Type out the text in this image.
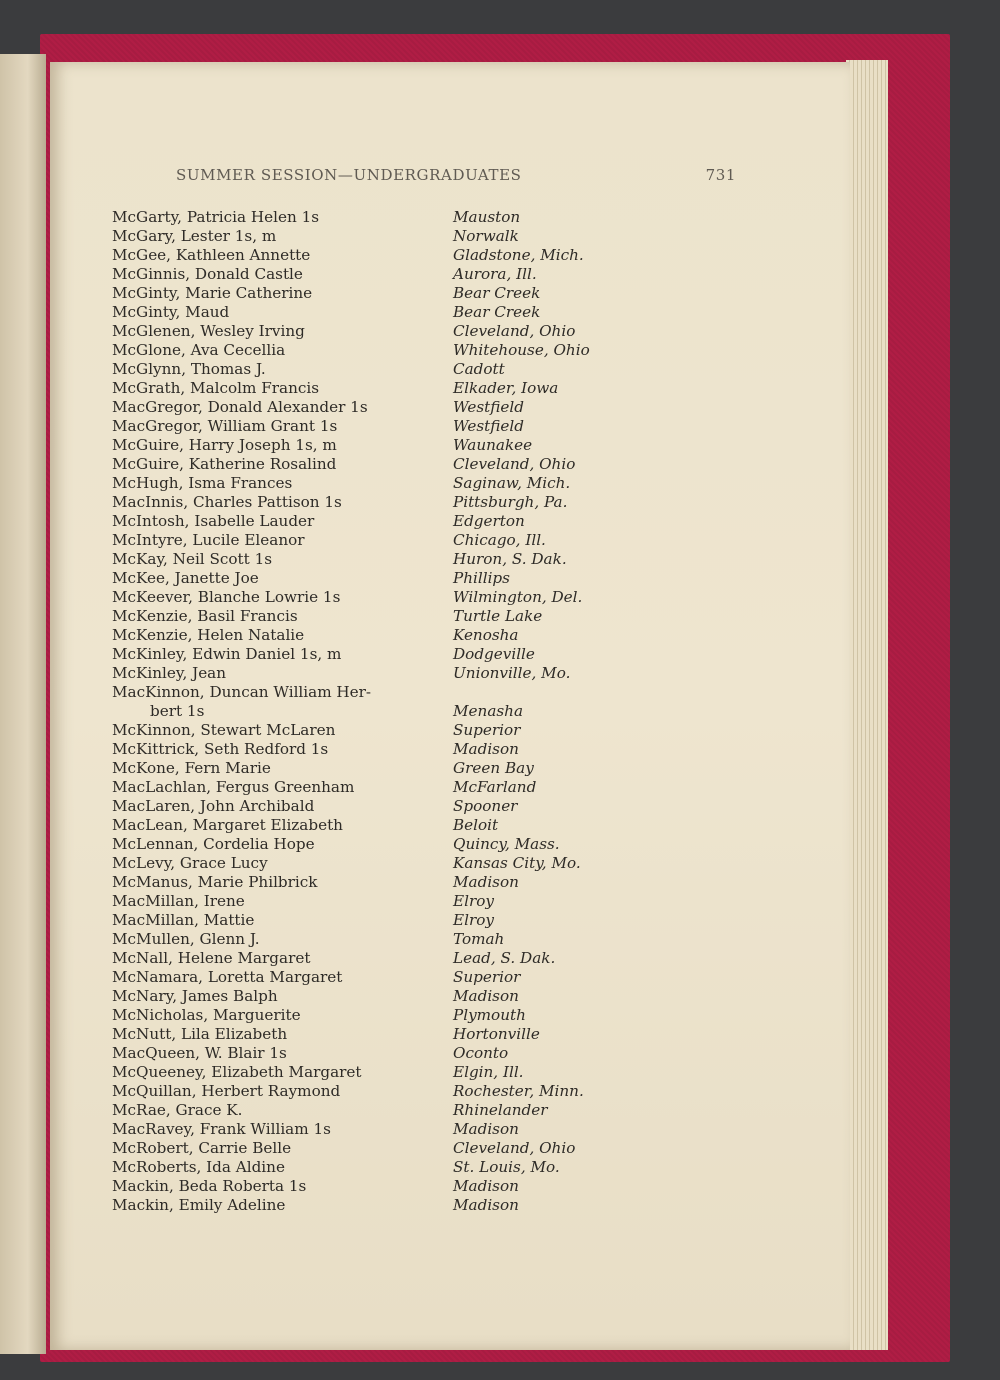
SUMMER SESSION—UNDERGRADUATES	731
McGarty, Patricia Helen 1s	Mauston
McGary, Lester 1s, m	Norwalk
McGee, Kathleen Annette	Gladstone, Mich.
McGinnis, Donald Castle	Aurora, Ill.
McGinty, Marie Catherine	Bear Creek
McGinty, Maud	Bear Creek
McGlenen, Wesley Irving	Cleveland, Ohio
McGlone, Ava Cecellia	Whitehouse, Ohio
McGlynn, Thomas J.	Cadott
McGrath, Malcolm Francis	Elkader, Iowa
MacGregor, Donald Alexander 1s	Westfield
MacGregor, William Grant 1s	Westfield
McGuire, Harry Joseph 1s, m	Waunakee
McGuire, Katherine Rosalind	Cleveland, Ohio
McHugh, Isma Frances	Saginaw, Mich.
MacInnis, Charles Pattison 1s	Pittsburgh, Pa.
McIntosh, Isabelle Lauder	Edgerton
McIntyre, Lucile Eleanor	Chicago, Ill.
McKay, Neil Scott 1s	Huron, S. Dak.
McKee, Janette Joe	Phillips
McKeever, Blanche Lowrie 1s	Wilmington, Del.
McKenzie, Basil Francis	Turtle Lake
McKenzie, Helen Natalie	Kenosha
McKinley, Edwin Daniel 1s, m	Dodgeville
McKinley, Jean	Unionville, Mo.
MacKinnon, Duncan William Her-
bert 1s	Menasha
McKinnon, Stewart McLaren	Superior
McKittrick, Seth Redford 1s	Madison
McKone, Fern Marie	Green Bay
MacLachlan, Fergus Greenham	McFarland
MacLaren, John Archibald	Spooner
MacLean, Margaret Elizabeth	Beloit
McLennan, Cordelia Hope	Quincy, Mass.
McLevy, Grace Lucy	Kansas City, Mo.
McManus, Marie Philbrick	Madison
MacMillan, Irene	Elroy
MacMillan, Mattie	Elroy
McMullen, Glenn J.	Tomah
McNall, Helene Margaret	Lead, S. Dak.
McNamara, Loretta Margaret	Superior
McNary, James Balph	Madison
McNicholas, Marguerite	Plymouth
McNutt, Lila Elizabeth	Hortonville
MacQueen, W. Blair 1s	Oconto
McQueeney, Elizabeth Margaret	Elgin, Ill.
McQuillan, Herbert Raymond	Rochester, Minn.
McRae, Grace K.	Rhinelander
MacRavey, Frank William 1s	Madison
McRobert, Carrie Belle	Cleveland, Ohio
McRoberts, Ida Aldine	St. Louis, Mo.
Mackin, Beda Roberta 1s	Madison
Mackin, Emily Adeline	Madison
